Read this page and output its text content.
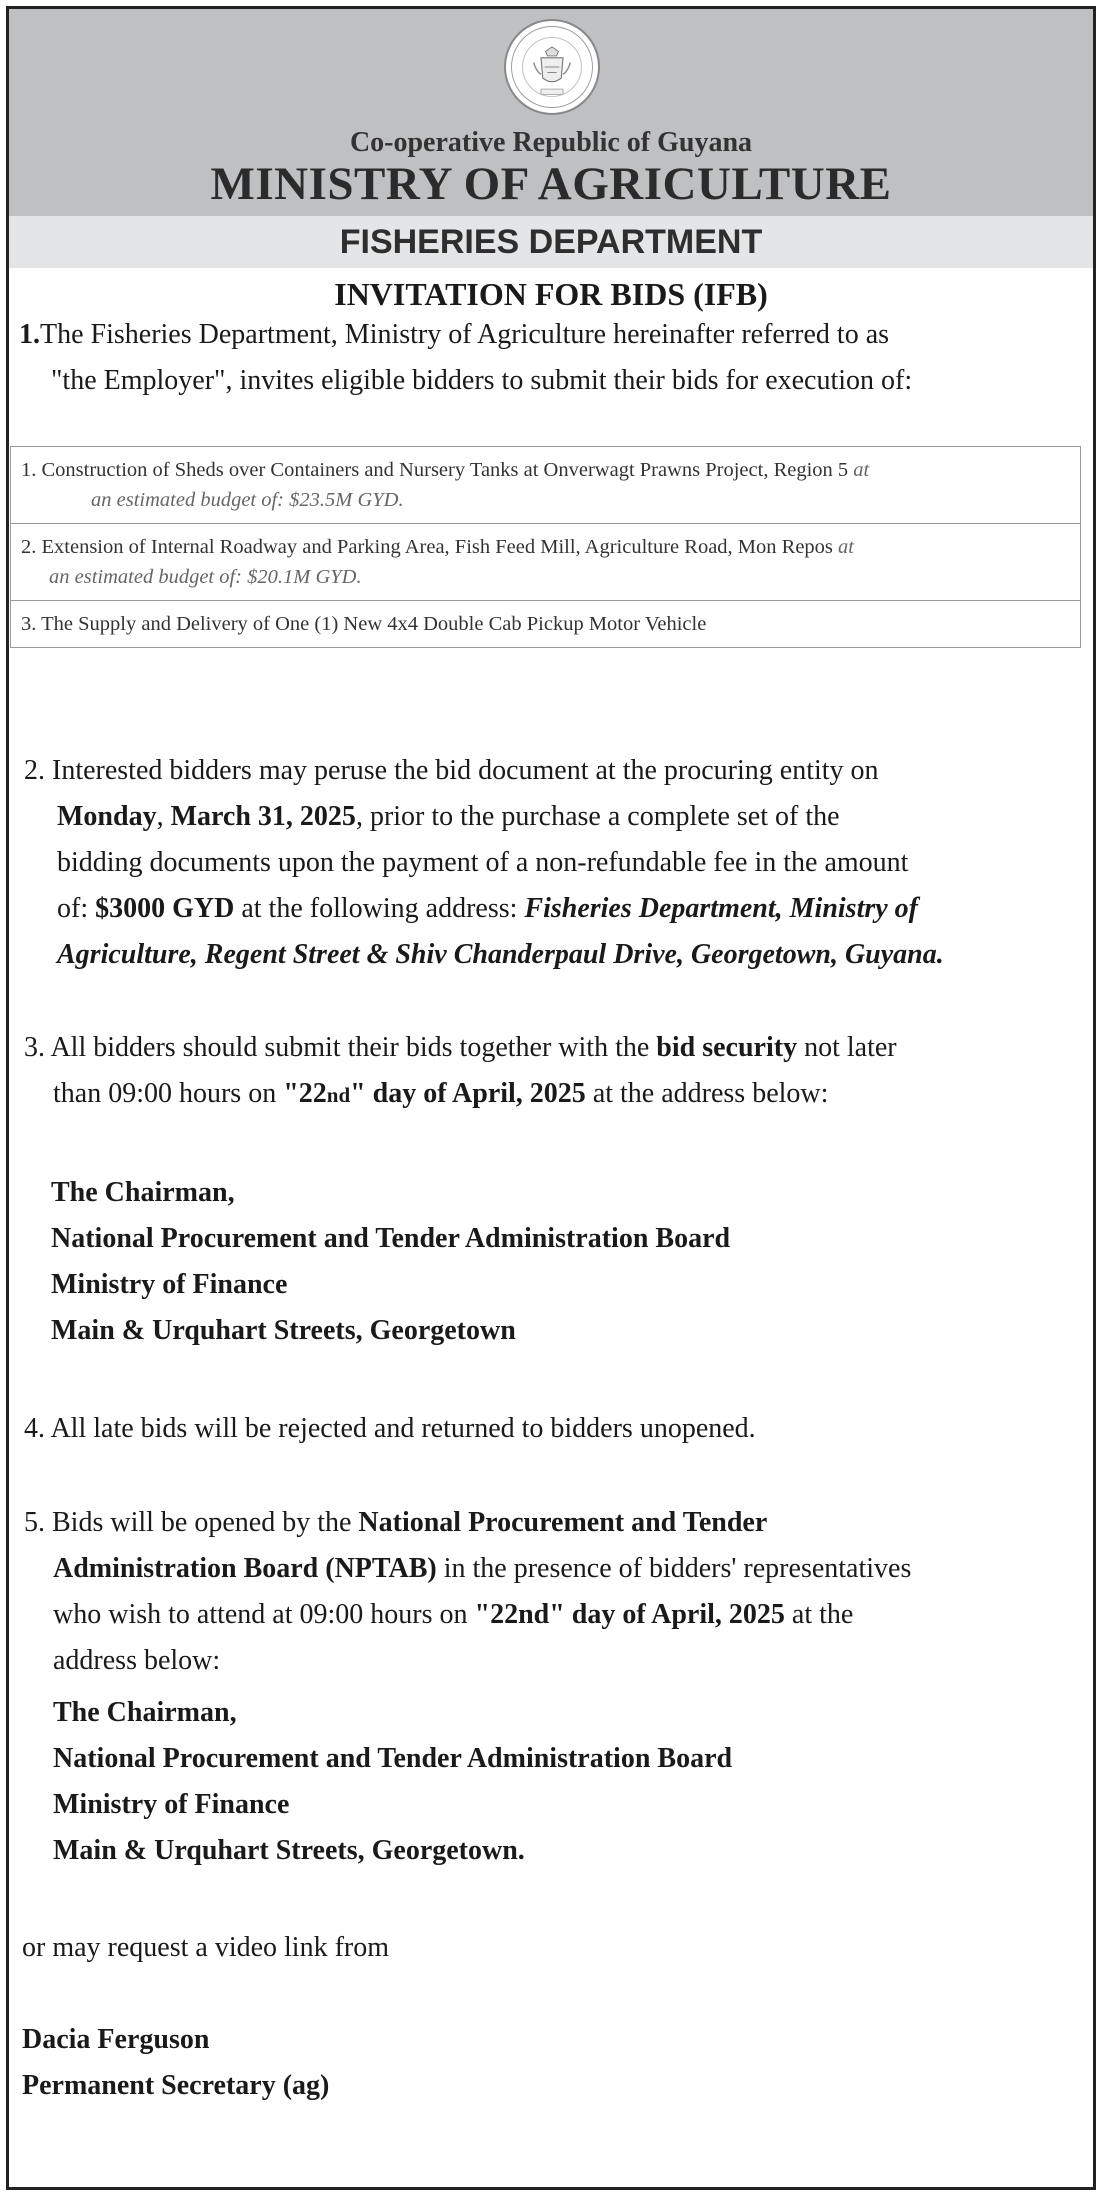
Co-operative Republic of Guyana
MINISTRY OF AGRICULTURE
FISHERIES DEPARTMENT
INVITATION FOR BIDS (IFB)
1.The Fisheries Department, Ministry of Agriculture hereinafter referred to as
"the Employer", invites eligible bidders to submit their bids for execution of:
1. Construction of Sheds over Containers and Nursery Tanks at Onverwagt Prawns Project, Region 5 at
an estimated budget of: $23.5M GYD.
2. Extension of Internal Roadway and Parking Area, Fish Feed Mill, Agriculture Road, Mon Repos at
an estimated budget of: $20.1M GYD.
3. The Supply and Delivery of One (1) New 4x4 Double Cab Pickup Motor Vehicle
2. Interested bidders may peruse the bid document at the procuring entity on
Monday, March 31, 2025, prior to the purchase a complete set of the
bidding documents upon the payment of a non-refundable fee in the amount
of: $3000 GYD at the following address: Fisheries Department, Ministry of
Agriculture, Regent Street & Shiv Chanderpaul Drive, Georgetown, Guyana.
3. All bidders should submit their bids together with the bid security not later
than 09:00 hours on "22nd" day of April, 2025 at the address below:
The Chairman,
National Procurement and Tender Administration Board
Ministry of Finance
Main & Urquhart Streets, Georgetown
4. All late bids will be rejected and returned to bidders unopened.
5. Bids will be opened by the National Procurement and Tender
Administration Board (NPTAB) in the presence of bidders' representatives
who wish to attend at 09:00 hours on "22nd" day of April, 2025 at the
address below:
The Chairman,
National Procurement and Tender Administration Board
Ministry of Finance
Main & Urquhart Streets, Georgetown.
or may request a video link from
Dacia Ferguson
Permanent Secretary (ag)
